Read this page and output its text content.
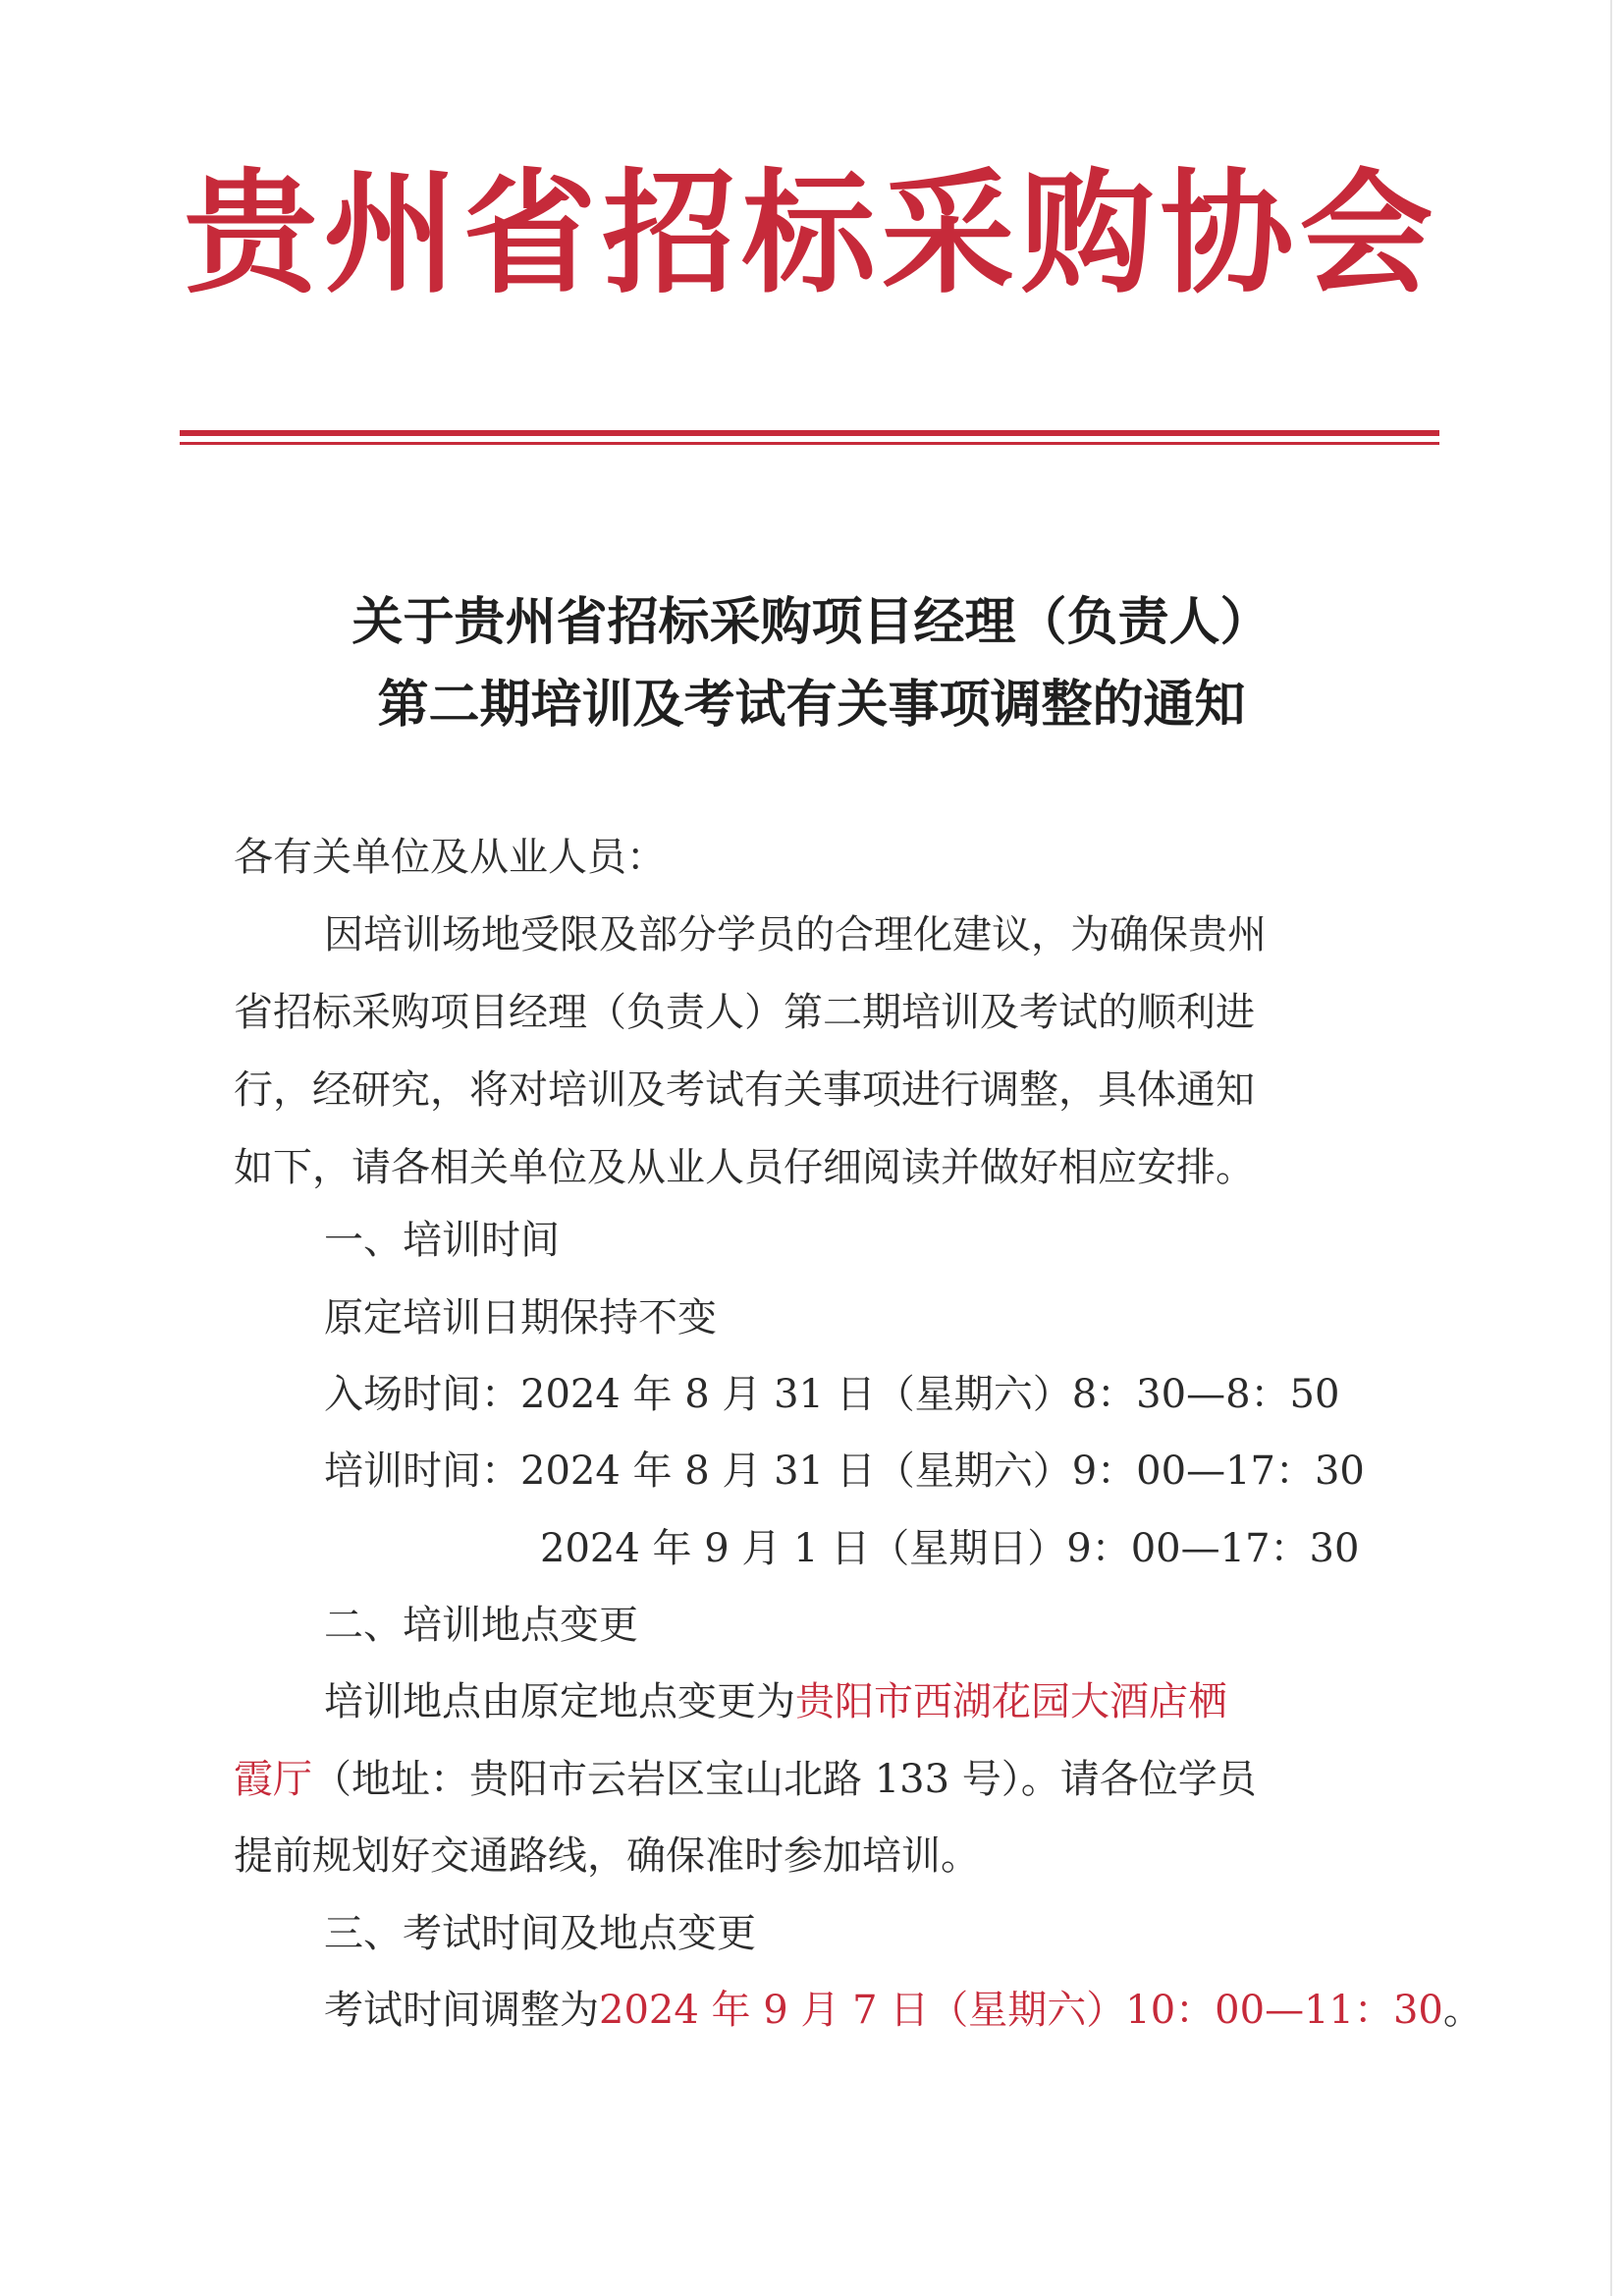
贵州省招标采购协会
关于贵州省招标采购项目经理（负责人）
第二期培训及考试有关事项调整的通知
各有关单位及从业人员：
因培训场地受限及部分学员的合理化建议，为确保贵州
省招标采购项目经理（负责人）第二期培训及考试的顺利进
行，经研究，将对培训及考试有关事项进行调整，具体通知
如下，请各相关单位及从业人员仔细阅读并做好相应安排。
一、培训时间
原定培训日期保持不变
入场时间：2024 年 8 月 31 日（星期六）8：30—8：50
培训时间：2024 年 8 月 31 日（星期六）9：00—17：30
2024 年 9 月 1 日（星期日）9：00—17：30
二、培训地点变更
培训地点由原定地点变更为贵阳市西湖花园大酒店栖
霞厅（地址：贵阳市云岩区宝山北路 133 号）。请各位学员
提前规划好交通路线，确保准时参加培训。
三、考试时间及地点变更
考试时间调整为2024 年 9 月 7 日（星期六）10：00—11：30。
